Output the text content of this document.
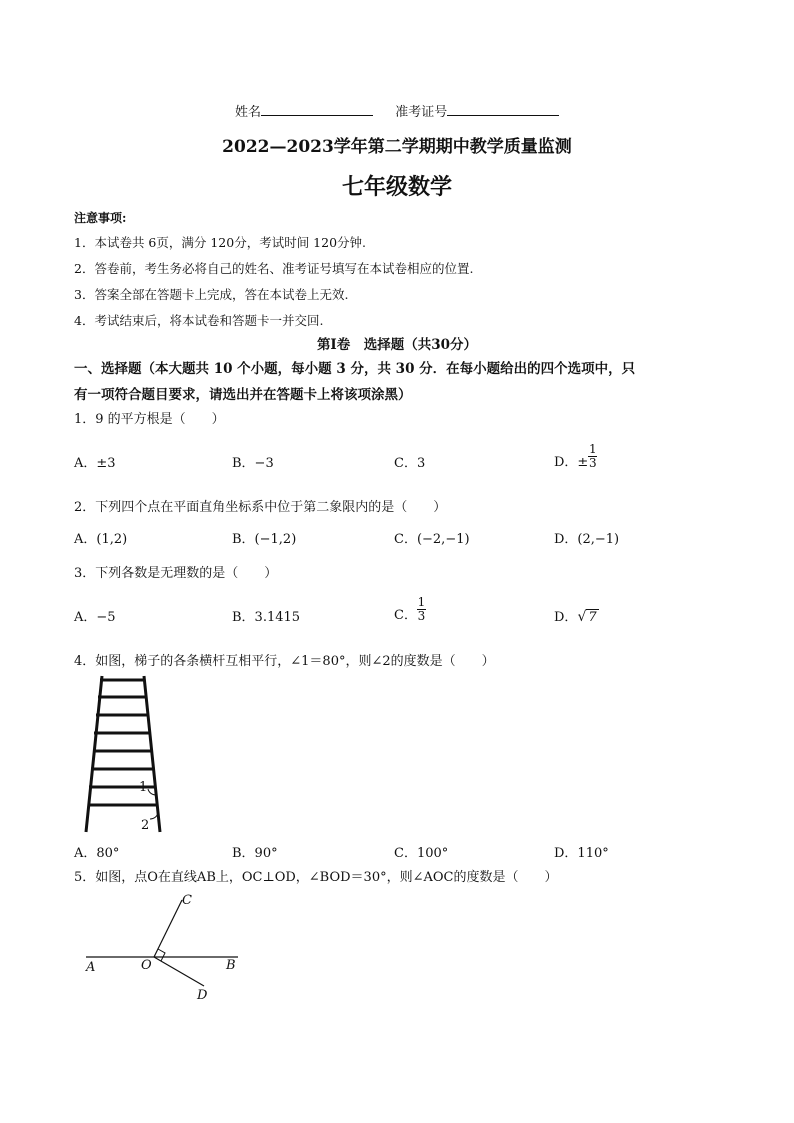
姓名	准考证号
2022—2023学年第二学期期中教学质量监测
七年级数学
注意事项:
1．本试卷共 6页，满分 120分，考试时间 120分钟.
2．答卷前，考生务必将自己的姓名、准考证号填写在本试卷相应的位置.
3．答案全部在答题卡上完成，答在本试卷上无效.
4．考试结束后，将本试卷和答题卡一并交回.
第Ⅰ卷　选择题（共30分）
一、选择题（本大题共 10 个小题，每小题 3 分，共 30 分．在每小题给出的四个选项中，只
有一项符合题目要求，请选出并在答题卡上将该项涂黑）
1．9 的平方根是（　　）
A．±3	B．−3	C．3	D．± $\frac{1}{3}$
2．下列四个点在平面直角坐标系中位于第二象限内的是（　　）
A．(1,2)	B．(−1,2)	C．(−2,−1)	D．(2,−1)
3．下列各数是无理数的是（　　）
A．−5	B．3.1415	C． $\frac{1}{3}$	D．√ 7
4．如图，梯子的各条横杆互相平行，∠1＝80°，则∠2的度数是（　　）
1
2
A．80°	B．90°	C．100°	D．110°
5．如图，点O在直线AB上，OC⊥OD，∠BOD＝30°，则∠AOC的度数是（　　）
C
A	O	B
D
